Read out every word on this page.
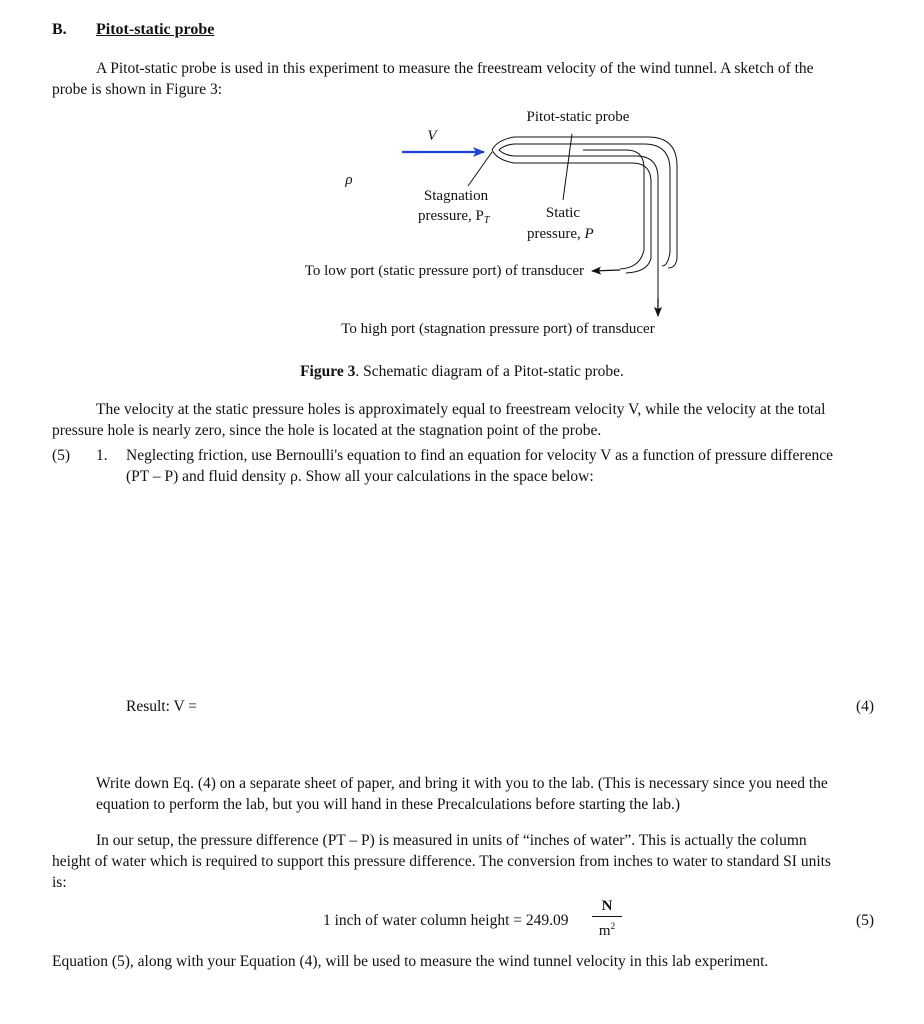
B. Pitot-static probe

A Pitot-static probe is used in this experiment to measure the freestream velocity of the wind tunnel. A sketch of the

probe is shown in Figure 3:
Pitot-static probe
V
ρ
Stagnation
pressure, $P_T$	Static
pressure, P
To low port (static pressure port) of transducer
To high port (stagnation pressure port) of transducer
Figure 3. Schematic diagram of a Pitot-static probe.

The velocity at the static pressure holes is approximately equal to freestream velocity V, while the velocity at the total

pressure hole is nearly zero, since the hole is located at the stagnation point of the probe.
(5) 1. Neglecting friction, use Bernoulli's equation to find an equation for velocity V as a function of pressure difference
(PT – P) and fluid density ρ. Show all your calculations in the space below:
Result: V =	(4)

Write down Eq. (4) on a separate sheet of paper, and bring it with you to the lab. (This is necessary since you need the

equation to perform the lab, but you will hand in these Precalculations before starting the lab.)

In our setup, the pressure difference (PT – P) is measured in units of “inches of water”. This is actually the column

height of water which is required to support this pressure difference. The conversion from inches to water to standard SI units
is:
1 inch of water column height = $249.09 \frac{N}{m^2}$	(5)
Equation (5), along with your Equation (4), will be used to measure the wind tunnel velocity in this lab experiment.
